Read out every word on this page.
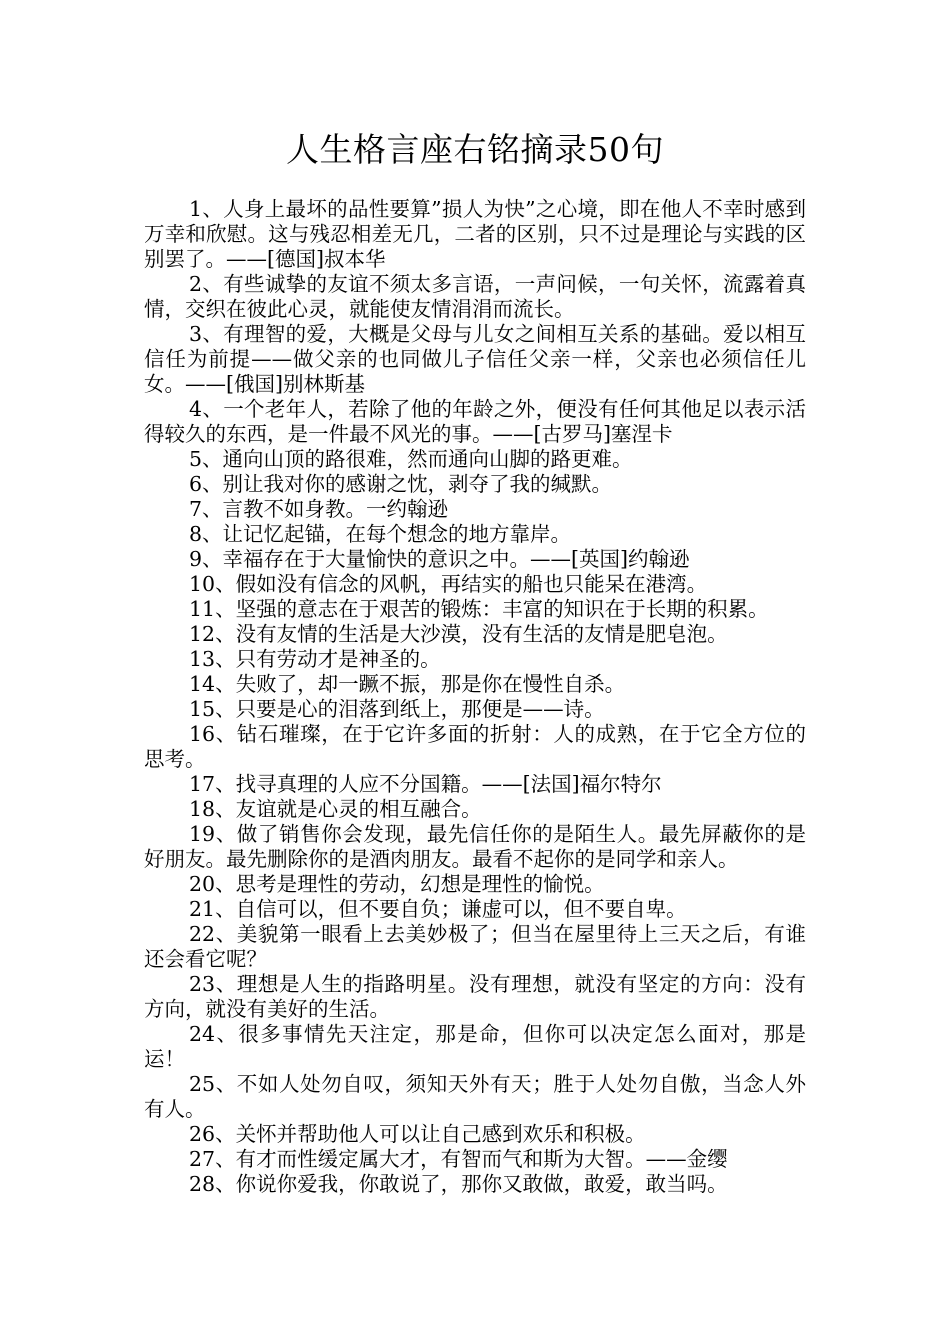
人生格言座右铭摘录50句

1、人身上最坏的品性要算”损人为快”之心境，即在他人不幸时感到万幸和欣慰。这与残忍相差无几，二者的区别，只不过是理论与实践的区别罢了。——[德国]叔本华

2、有些诚挚的友谊不须太多言语，一声问候，一句关怀，流露着真情，交织在彼此心灵，就能使友情涓涓而流长。

3、有理智的爱，大概是父母与儿女之间相互关系的基础。爱以相互信任为前提——做父亲的也同做儿子信任父亲一样，父亲也必须信任儿女。——[俄国]别林斯基

4、一个老年人，若除了他的年龄之外，便没有任何其他足以表示活得较久的东西，是一件最不风光的事。——[古罗马]塞涅卡

5、通向山顶的路很难，然而通向山脚的路更难。

6、别让我对你的感谢之忱，剥夺了我的缄默。

7、言教不如身教。一约翰逊

8、让记忆起锚，在每个想念的地方靠岸。

9、幸福存在于大量愉快的意识之中。——[英国]约翰逊

10、假如没有信念的风帆，再结实的船也只能呆在港湾。

11、坚强的意志在于艰苦的锻炼：丰富的知识在于长期的积累。

12、没有友情的生活是大沙漠，没有生活的友情是肥皂泡。

13、只有劳动才是神圣的。

14、失败了，却一蹶不振，那是你在慢性自杀。

15、只要是心的泪落到纸上，那便是——诗。

16、钻石璀璨，在于它许多面的折射：人的成熟，在于它全方位的思考。

17、找寻真理的人应不分国籍。——[法国]福尔特尔

18、友谊就是心灵的相互融合。

19、做了销售你会发现，最先信任你的是陌生人。最先屏蔽你的是好朋友。最先删除你的是酒肉朋友。最看不起你的是同学和亲人。

20、思考是理性的劳动，幻想是理性的愉悦。

21、自信可以，但不要自负；谦虚可以，但不要自卑。

22、美貌第一眼看上去美妙极了；但当在屋里待上三天之后，有谁还会看它呢？

23、理想是人生的指路明星。没有理想，就没有坚定的方向：没有方向，就没有美好的生活。

24、很多事情先天注定，那是命，但你可以决定怎么面对，那是运！

25、不如人处勿自叹，须知天外有天；胜于人处勿自傲，当念人外有人。

26、关怀并帮助他人可以让自己感到欢乐和积极。

27、有才而性缓定属大才，有智而气和斯为大智。——金缨

28、你说你爱我，你敢说了，那你又敢做，敢爱，敢当吗。
